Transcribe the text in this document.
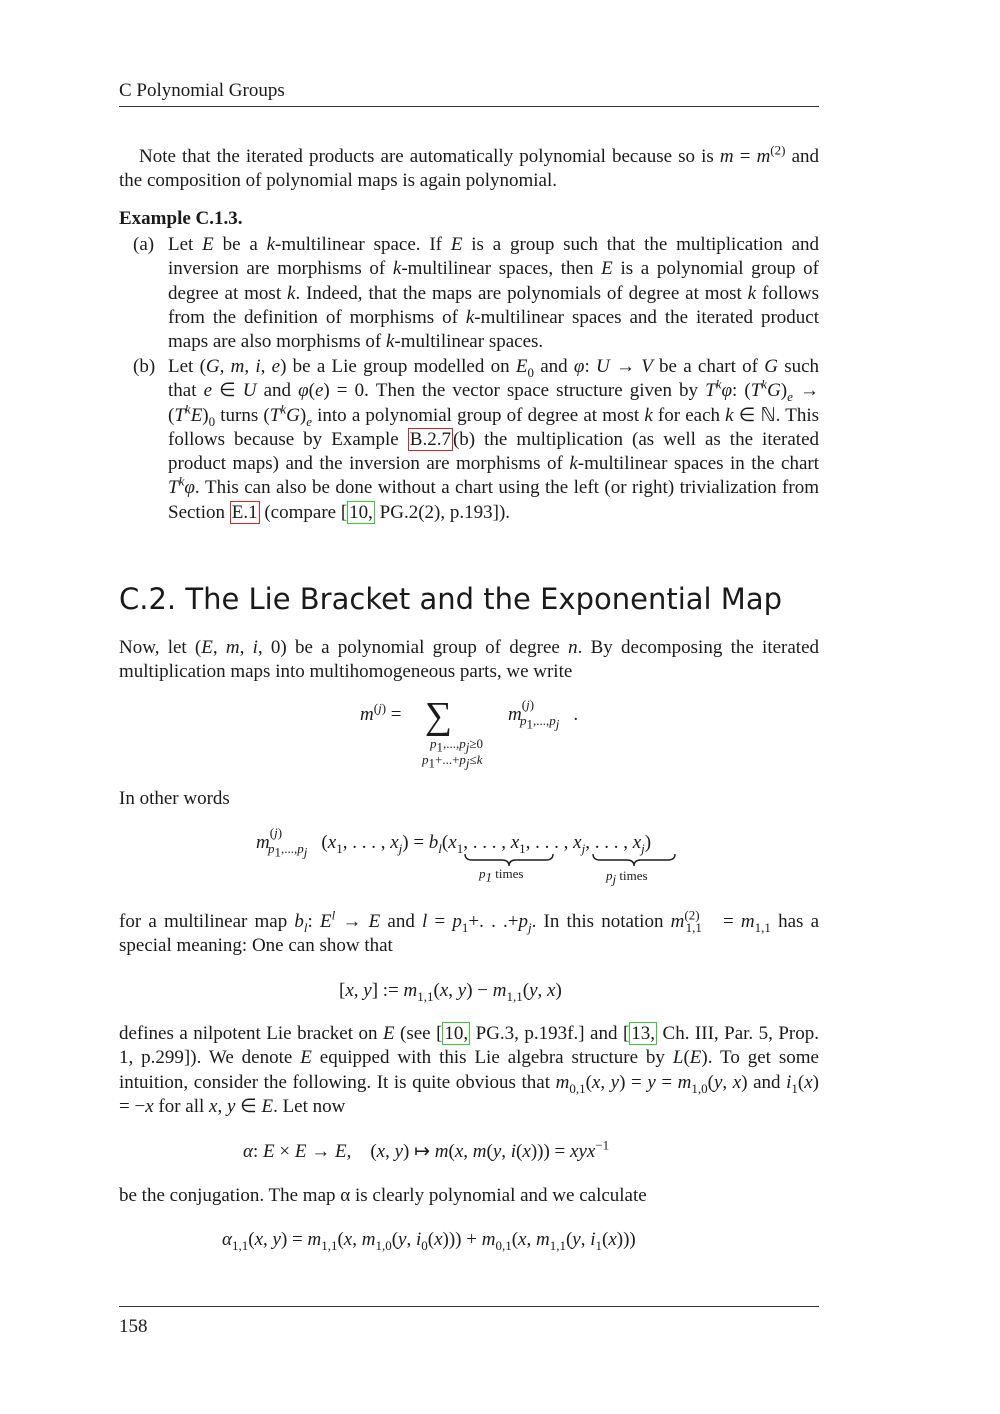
C Polynomial Groups
Note that the iterated products are automatically polynomial because so is $m = m^{(2)}$ and the composition of polynomial maps is again polynomial.
Example C.1.3.
(a) Let E be a k-multilinear space. If E is a group such that the multiplication and inversion are morphisms of k-multilinear spaces, then E is a polynomial group of degree at most k. Indeed, that the maps are polynomials of degree at most k follows from the definition of morphisms of k-multilinear spaces and the iterated product maps are also morphisms of k-multilinear spaces.
(b) Let (G, m, i, e) be a Lie group modelled on $E_0$ and φ: U → V be a chart of G such that e ∈ U and φ(e) = 0. Then the vector space structure given by $T^k\varphi$: $(T^kG)_e \to (T^kE)_0$ turns $(T^kG)_e$ into a polynomial group of degree at most k for each k ∈ ℕ. This follows because by Example B.2.7 (b) the multiplication (as well as the iterated product maps) and the inversion are morphisms of k-multilinear spaces in the chart $T^k\varphi$. This can also be done without a chart using the left (or right) trivialization from Section E.1 (compare [ 10, PG.2(2), p.193]).
C.2. The Lie Bracket and the Exponential Map
Now, let (E, m, i, 0) be a polynomial group of degree n. By decomposing the iterated multiplication maps into multihomogeneous parts, we write
$m^{(j)}$ = ∑
$p_1,...,p_j\ge 0$
$p_1+...+p_j\le k$
$m^{(j)}_{p_1,...,p_j}$ .
In other words
$m^{(j)}_{p_1,...,p_j}$ ($x_1$, . . . , $x_j) = b_l(x_1$, . . . , $x_1$, . . . , $x_j$, . . . , $x_j$)
$p_1$ times	$p_j$ times
for a multilinear map $b_l$: $E^l \to E$ and $l = p_1+$. . $.+p_j$. In this notation $m^{(2)}_{1,1} = m_{1,1}$ has a special meaning: One can show that
[x, y] := $m_{1,1}(x$, $y) - m_{1,1}(y$, x)
defines a nilpotent Lie bracket on E (see [ 10, PG.3, p.193f.] and [ 13, Ch. III, Par. 5, Prop. 1, p.299]). We denote E equipped with this Lie algebra structure by L(E). To get some intuition, consider the following. It is quite obvious that $m_{0,1}(x$, $y) = y = m_{1,0}(y$, x) and $i_1(x) = -x$ for all x, y ∈ E. Let now
α: E × E → E,    (x, y) ↦ m(x, m(y, i(x))) = xyx$^{-1}$
be the conjugation. The map α is clearly polynomial and we calculate
$\alpha_{1,1}(x$, $y) = m_{1,1}(x$, $m_{1,0}(y$, $i_0(x))) + m_{0,1}(x$, $m_{1,1}(y$, $i_1(x)$))
158
